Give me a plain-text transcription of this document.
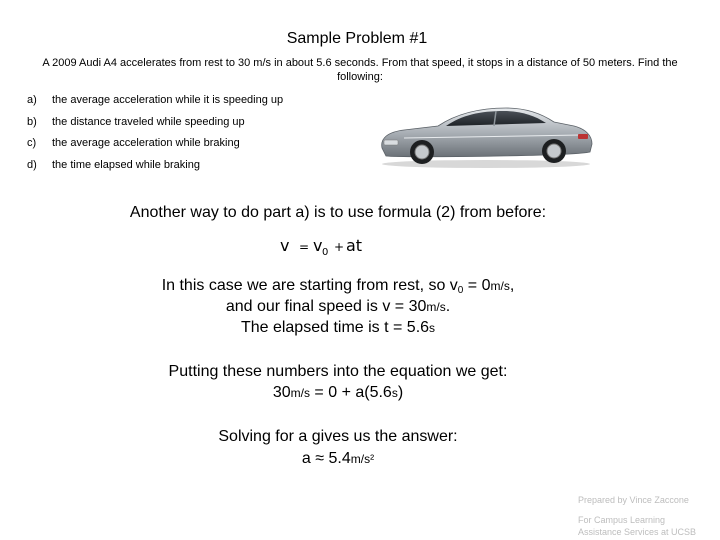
Sample Problem #1
A 2009 Audi A4 accelerates from rest to 30 m/s in about 5.6 seconds. From that speed, it stops in a distance of 50 meters. Find the following:
a) the average acceleration while it is speeding up
b) the distance traveled while speeding up
c) the average acceleration while braking
d) the time elapsed while braking
Another way to do part a) is to use formula (2) from before:
v = v 0 + at
In this case we are starting from rest, so $v_0 = 0m/s$,
and our final speed is v = 30m/s.
The elapsed time is t = 5.6s
Putting these numbers into the equation we get:
30m/s = 0 + a(5.6s)
Solving for a gives us the answer:
a ≈ 5.4m/s²
Prepared by Vince Zaccone
For Campus Learning
Assistance Services at UCSB
